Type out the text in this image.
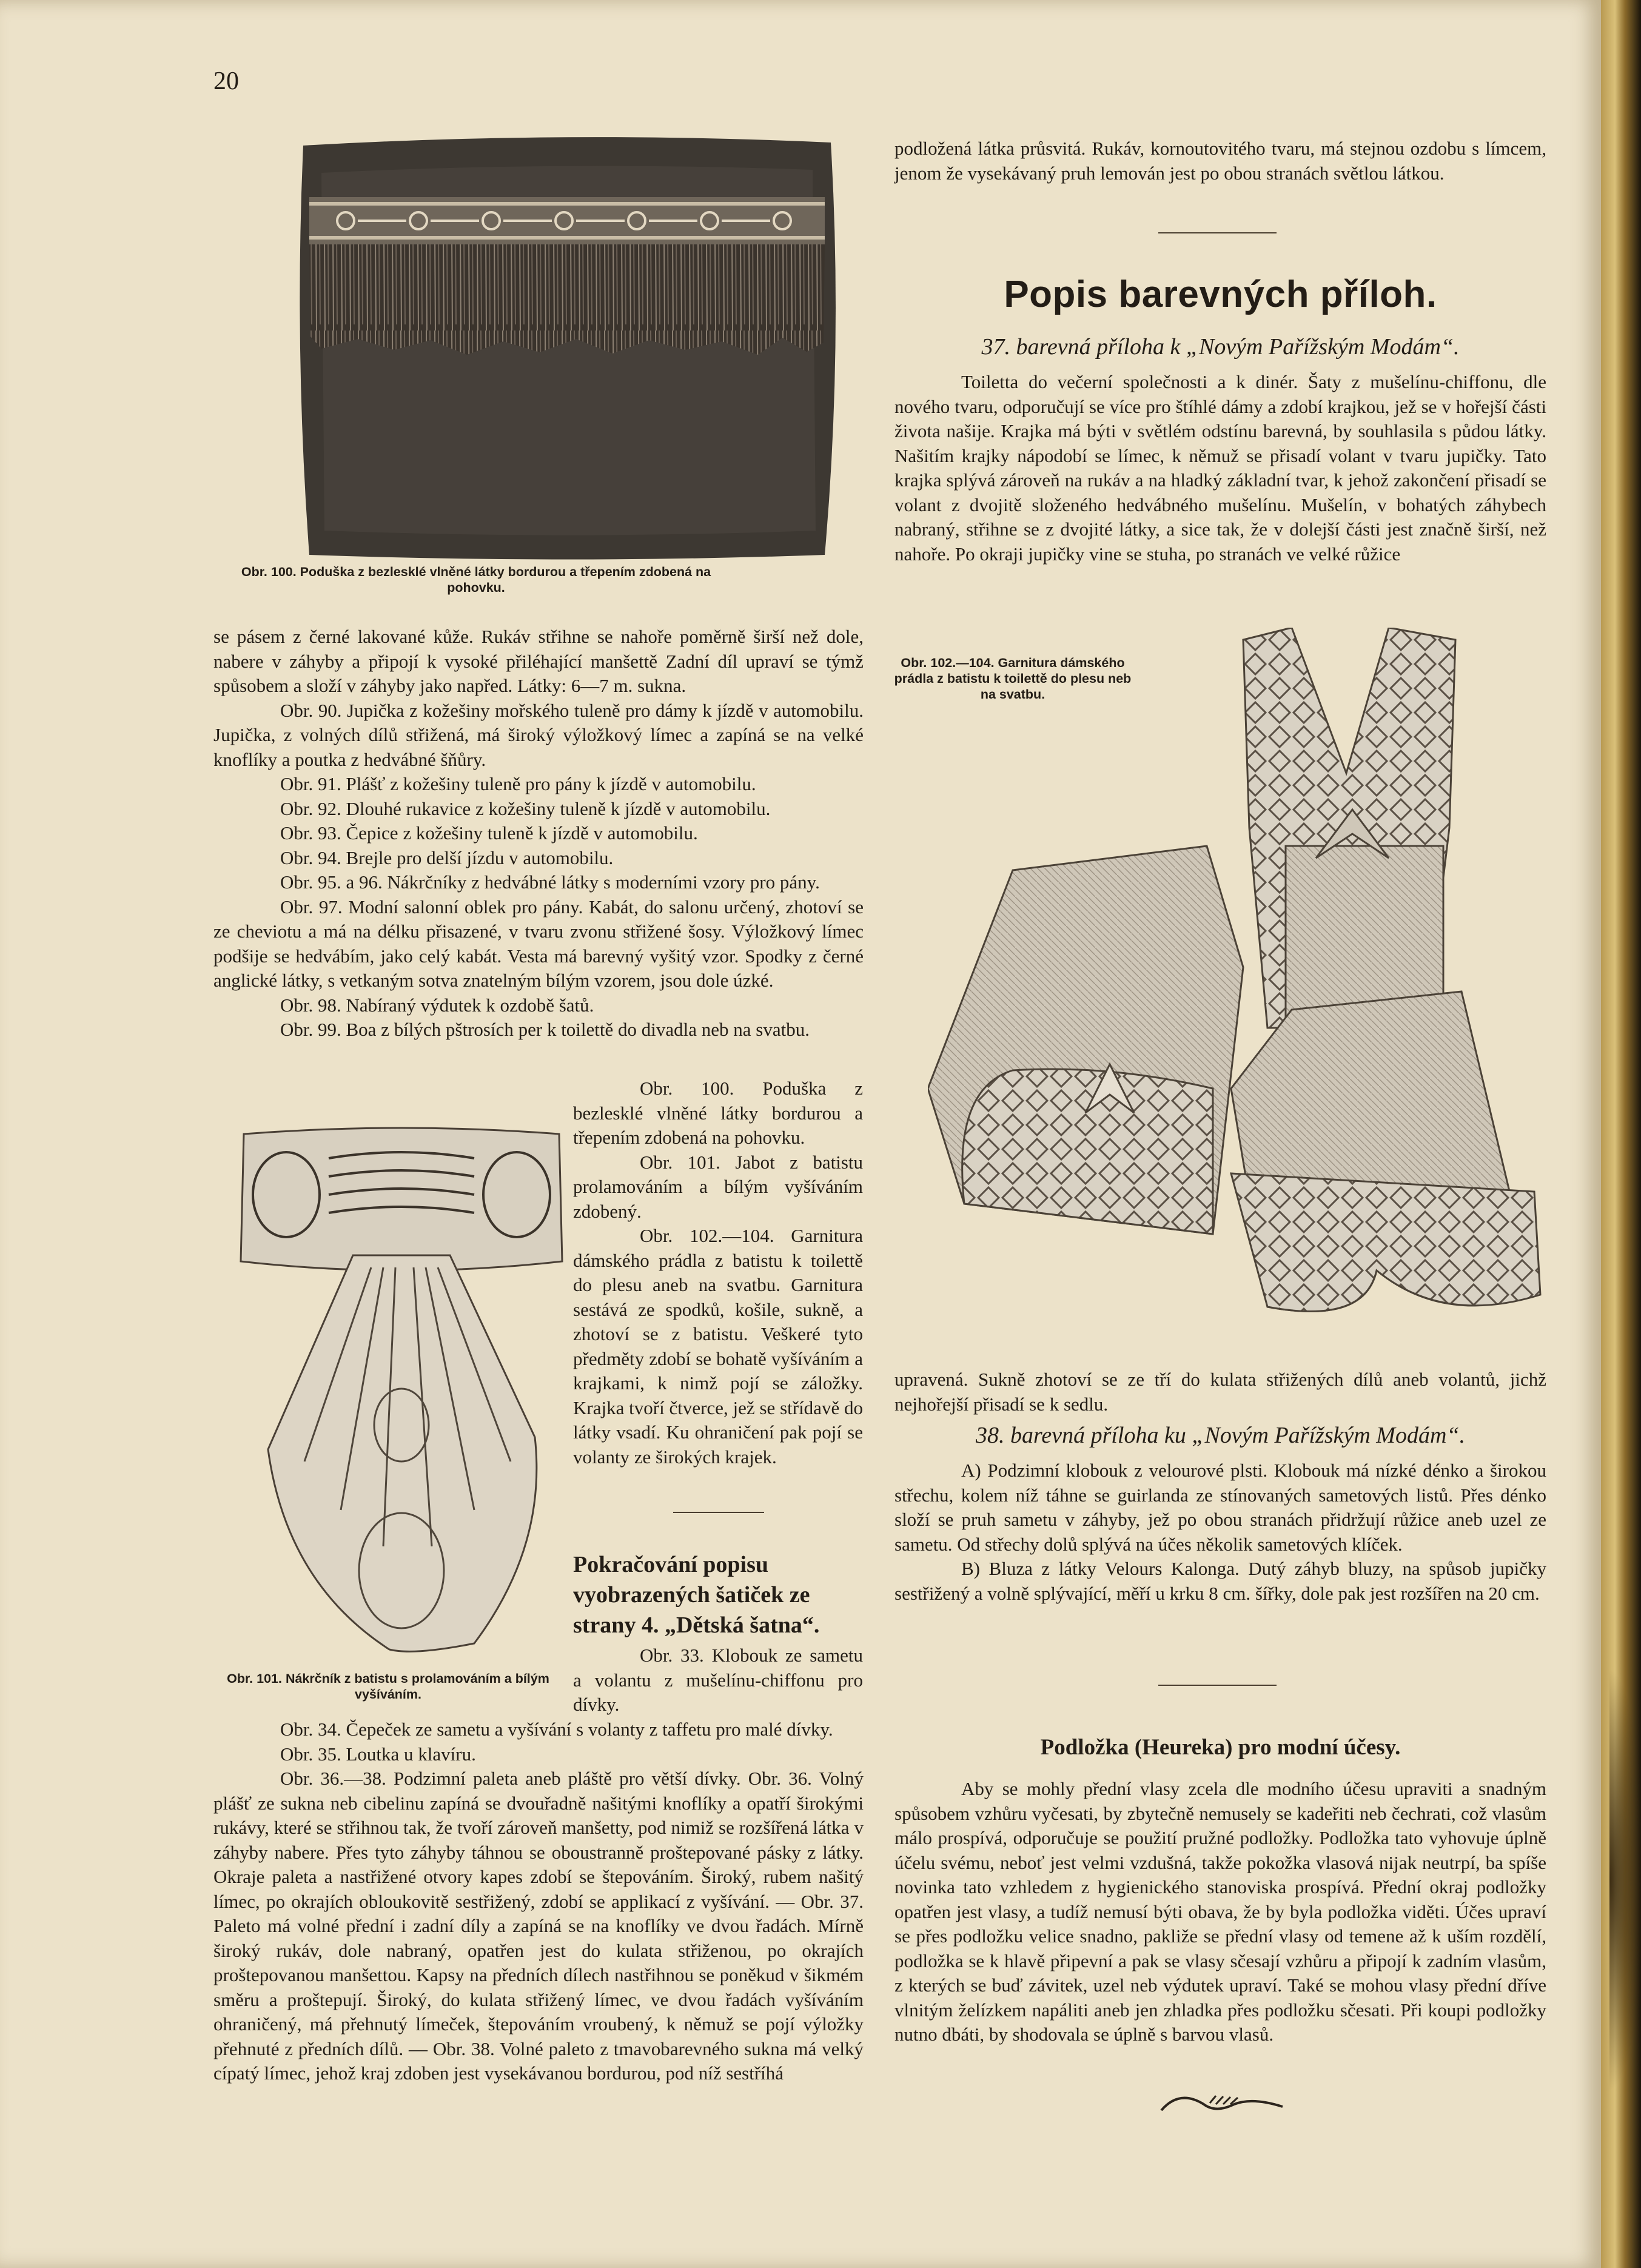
20
Obr. 100. Poduška z bezlesklé vlněné látky bordurou a třepením zdobená na pohovku.

se pásem z černé lakované kůže. Rukáv střihne se nahoře poměrně širší než dole, nabere v záhyby a připojí k vysoké přiléhající manšettě Zadní díl upraví se týmž spůsobem a složí v záhyby jako napřed. Látky: 6—7 m. sukna.

Obr. 90. Jupička z kožešiny mořského tuleně pro dámy k jízdě v automobilu. Jupička, z volných dílů střižená, má široký výložkový límec a zapíná se na velké knoflíky a poutka z hedvábné šňůry.

Obr. 91. Plášť z kožešiny tuleně pro pány k jízdě v automobilu.

Obr. 92. Dlouhé rukavice z kožešiny tuleně k jízdě v automobilu.

Obr. 93. Čepice z kožešiny tuleně k jízdě v automobilu.

Obr. 94. Brejle pro delší jízdu v automobilu.

Obr. 95. a 96. Nákrčníky z hedvábné látky s moderními vzory pro pány.

Obr. 97. Modní salonní oblek pro pány. Kabát, do salonu určený, zhotoví se ze cheviotu a má na délku přisazené, v tvaru zvonu střižené šosy. Výložkový límec podšije se hedvábím, jako celý kabát. Vesta má barevný vyšitý vzor. Spodky z černé anglické látky, s vetkaným sotva znatelným bílým vzorem, jsou dole úzké.

Obr. 98. Nabíraný výdutek k ozdobě šatů.

Obr. 99. Boa z bílých pštrosích per k toilettě do divadla neb na svatbu.

Obr. 101. Nákrčník z batistu s prolamováním a bílým vyšíváním.

Obr. 100. Poduška z bezlesklé vlněné látky bordurou a třepením zdobená na pohovku.

Obr. 101. Jabot z batistu prolamováním a bílým vyšíváním zdobený.

Obr. 102.—104. Garnitura dámského prádla z batistu k toilettě do plesu aneb na svatbu. Garnitura sestává ze spodků, košile, sukně, a zhotoví se z batistu. Veškeré tyto předměty zdobí se bohatě vyšíváním a krajkami, k nimž pojí se záložky. Krajka tvoří čtverce, jež se střídavě do látky vsadí. Ku ohraničení pak pojí se volanty ze širokých krajek.

Pokračování popisu vyobrazených šatiček ze strany 4. „Dětská šatna“.

Obr. 33. Klobouk ze sametu a volantu z mušelínu-chiffonu pro dívky.

Obr. 34. Čepeček ze sametu a vyšívání s volanty z taffetu pro malé dívky.

Obr. 35. Loutka u klavíru.

Obr. 36.—38. Podzimní paleta aneb pláště pro větší dívky. Obr. 36. Volný plášť ze sukna neb cibelinu zapíná se dvouřadně našitými knoflíky a opatří širokými rukávy, které se střihnou tak, že tvoří zároveň manšetty, pod nimiž se rozšířená látka v záhyby nabere. Přes tyto záhyby táhnou se oboustranně proštepované pásky z látky. Okraje paleta a nastřižené otvory kapes zdobí se štepováním. Široký, rubem našitý límec, po okrajích obloukovitě sestřižený, zdobí se applikací z vyšívání. — Obr. 37. Paleto má volné přední i zadní díly a zapíná se na knoflíky ve dvou řadách. Mírně široký rukáv, dole nabraný, opatřen jest do kulata střiženou, po okrajích proštepovanou manšettou. Kapsy na předních dílech nastřihnou se poněkud v šikmém směru a proštepují. Široký, do kulata střižený límec, ve dvou řadách vyšíváním ohraničený, má přehnutý límeček, štepováním vroubený, k němuž se pojí výložky přehnuté z předních dílů. — Obr. 38. Volné paleto z tmavobarevného sukna má velký cípatý límec, jehož kraj zdoben jest vysekávanou bordurou, pod níž sestříhá

podložená látka průsvitá. Rukáv, kornoutovitého tvaru, má stejnou ozdobu s límcem, jenom že vysekávaný pruh lemován jest po obou stranách světlou látkou.

Popis barevných příloh.
37. barevná příloha k „Novým Pařížským Modám“.

Toiletta do večerní společnosti a k dinér. Šaty z mušelínu-chiffonu, dle nového tvaru, odporučují se více pro štíhlé dámy a zdobí krajkou, jež se v hořejší části života našije. Krajka má býti v světlém odstínu barevná, by souhlasila s půdou látky. Našitím krajky nápodobí se límec, k němuž se přisadí volant v tvaru jupičky. Tato krajka splývá zároveň na rukáv a na hladký základní tvar, k jehož zakončení přisadí se volant z dvojitě složeného hedvábného mušelínu. Mušelín, v bohatých záhybech nabraný, střihne se z dvojité látky, a sice tak, že v dolejší části jest značně širší, než nahoře. Po okraji jupičky vine se stuha, po stranách ve velké růžice

Obr. 102.—104. Garnitura dámského prádla z batistu k toilettě do plesu neb na svatbu.

upravená. Sukně zhotoví se ze tří do kulata střižených dílů aneb volantů, jichž nejhořejší přisadí se k sedlu.

38. barevná příloha ku „Novým Pařížským Modám“.

A) Podzimní klobouk z velourové plsti. Klobouk má nízké dénko a širokou střechu, kolem níž táhne se guirlanda ze stínovaných sametových listů. Přes dénko složí se pruh sametu v záhyby, jež po obou stranách přidržují růžice aneb uzel ze sametu. Od střechy dolů splývá na účes několik sametových klíček.

B) Bluza z látky Velours Kalonga. Dutý záhyb bluzy, na spůsob jupičky sestřižený a volně splývající, měří u krku 8 cm. šířky, dole pak jest rozšířen na 20 cm.

Podložka (Heureka) pro modní účesy.

Aby se mohly přední vlasy zcela dle modního účesu upraviti a snadným spůsobem vzhůru vyčesati, by zbytečně nemusely se kadeřiti neb čechrati, což vlasům málo prospívá, odporučuje se použití pružné podložky. Podložka tato vyhovuje úplně účelu svému, neboť jest velmi vzdušná, takže pokožka vlasová nijak neutrpí, ba spíše novinka tato vzhledem z hygienického stanoviska prospívá. Přední okraj podložky opatřen jest vlasy, a tudíž nemusí býti obava, že by byla podložka viděti. Účes upraví se přes podložku velice snadno, pakliže se přední vlasy od temene až k uším rozdělí, podložka se k hlavě připevní a pak se vlasy sčesají vzhůru a připojí k zadním vlasům, z kterých se buď závitek, uzel neb výdutek upraví. Také se mohou vlasy přední dříve vlnitým želízkem napáliti aneb jen zhladka přes podložku sčesati. Při koupi podložky nutno dbáti, by shodovala se úplně s barvou vlasů.
